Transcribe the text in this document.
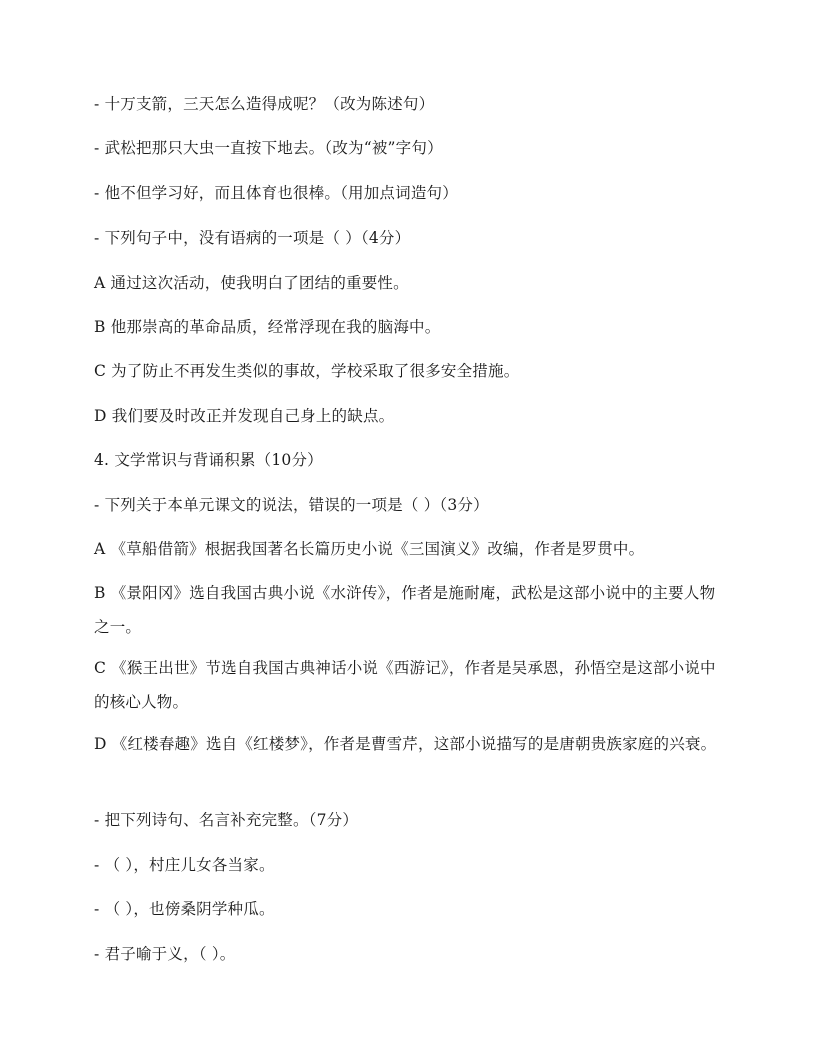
- 十万支箭，三天怎么造得成呢？（改为陈述句）
- 武松把那只大虫一直按下地去。（改为“被”字句）
- 他不但学习好，而且体育也很棒。（用加点词造句）
- 下列句子中，没有语病的一项是（ ）（4分）
A 通过这次活动，使我明白了团结的重要性。
B 他那崇高的革命品质，经常浮现在我的脑海中。
C 为了防止不再发生类似的事故，学校采取了很多安全措施。
D 我们要及时改正并发现自己身上的缺点。
4. 文学常识与背诵积累（10分）
- 下列关于本单元课文的说法，错误的一项是（ ）（3分）
A 《草船借箭》根据我国著名长篇历史小说《三国演义》改编，作者是罗贯中。
B 《景阳冈》选自我国古典小说《水浒传》，作者是施耐庵，武松是这部小说中的主要人物之一。
C 《猴王出世》节选自我国古典神话小说《西游记》，作者是吴承恩，孙悟空是这部小说中的核心人物。
D 《红楼春趣》选自《红楼梦》，作者是曹雪芹，这部小说描写的是唐朝贵族家庭的兴衰。
- 把下列诗句、名言补充完整。（7分）
- （ ），村庄儿女各当家。
- （ ），也傍桑阴学种瓜。
- 君子喻于义，（ ）。
